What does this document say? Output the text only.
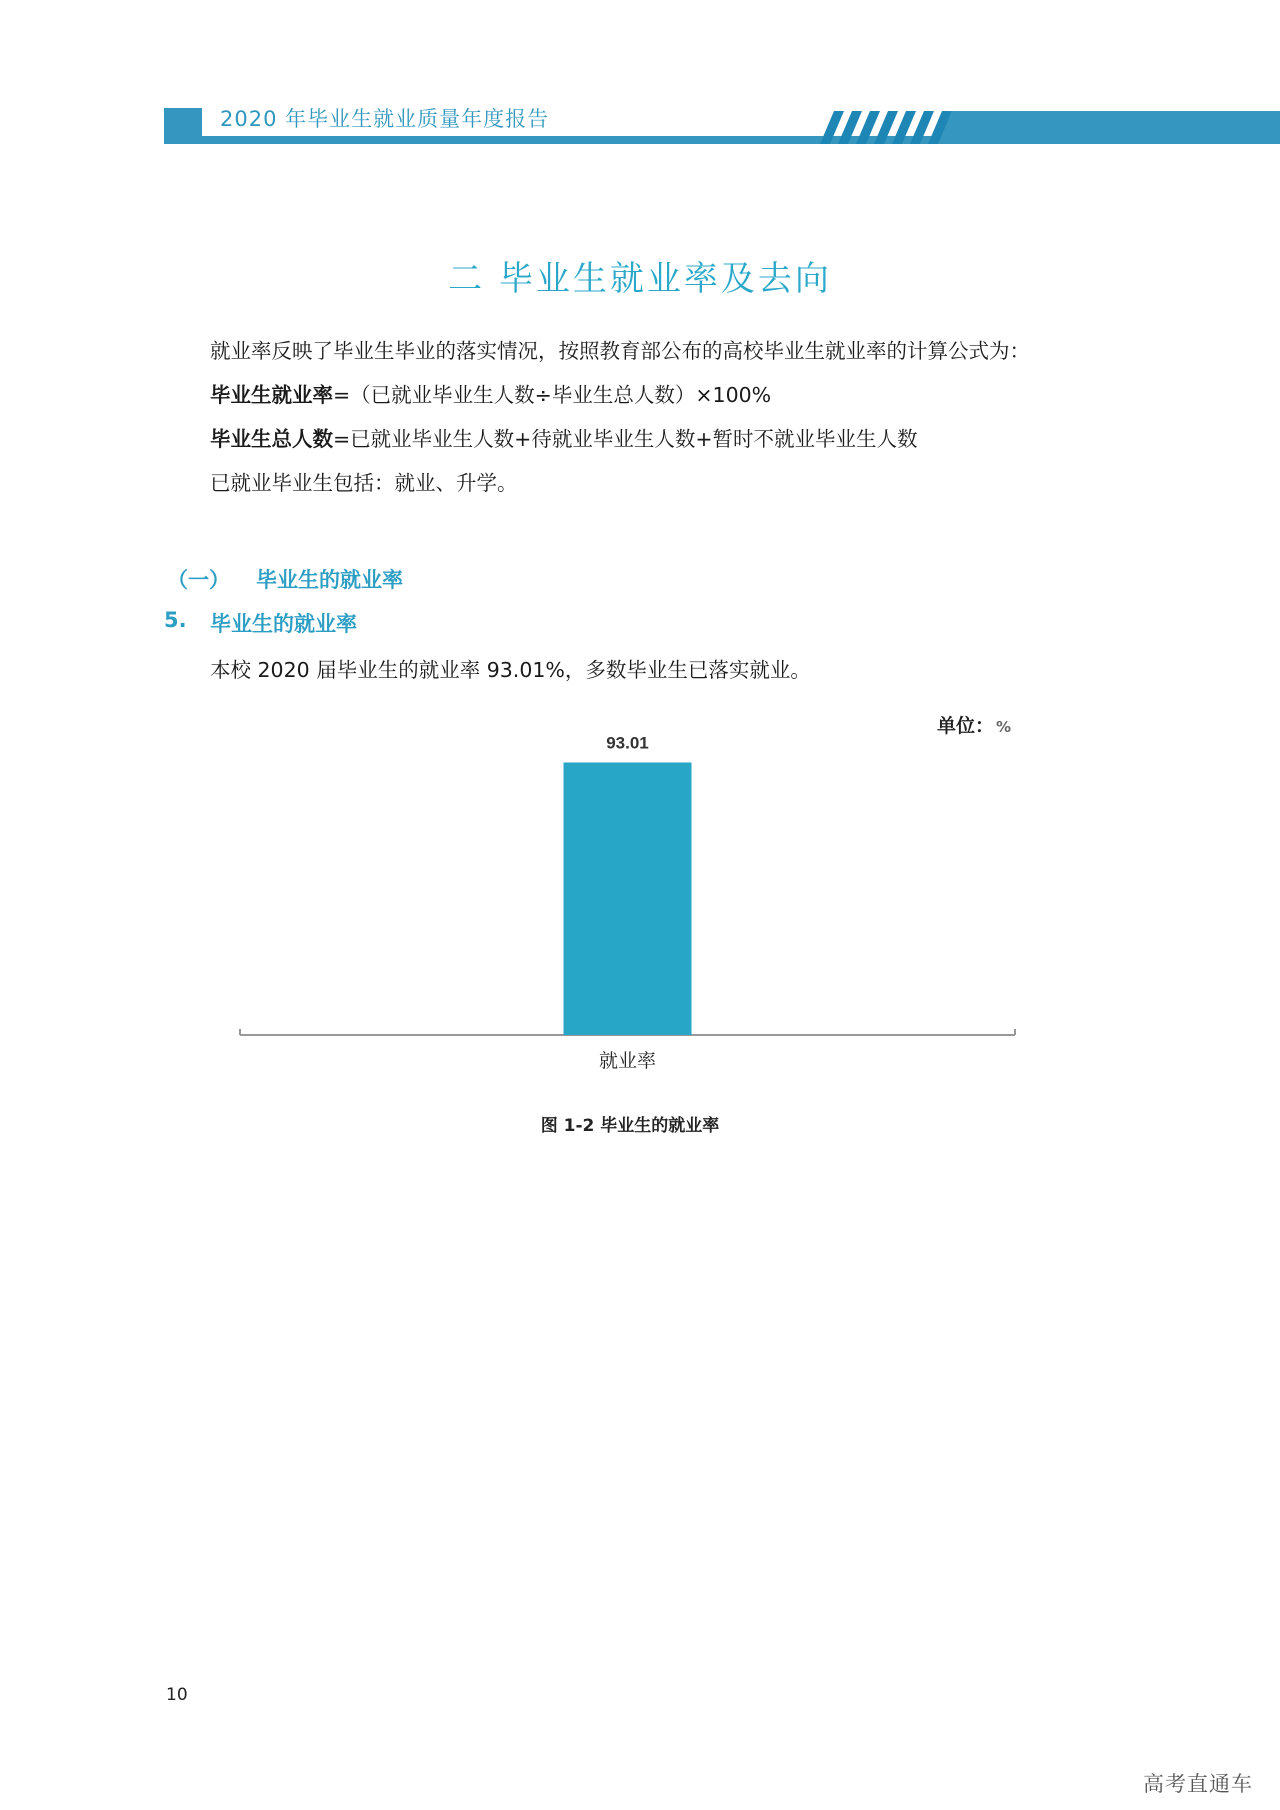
2020 年毕业生就业质量年度报告
二 毕业生就业率及去向
就业率反映了毕业生毕业的落实情况，按照教育部公布的高校毕业生就业率的计算公式为：
毕业生就业率=（已就业毕业生人数÷毕业生总人数）×100%
毕业生总人数=已就业毕业生人数+待就业毕业生人数+暂时不就业毕业生人数
已就业毕业生包括：就业、升学。
（一） 毕业生的就业率
5. 毕业生的就业率
本校 2020 届毕业生的就业率 93.01%，多数毕业生已落实就业。
单位： %
93.01
就业率
图 1-2 毕业生的就业率
10
高考直通车
